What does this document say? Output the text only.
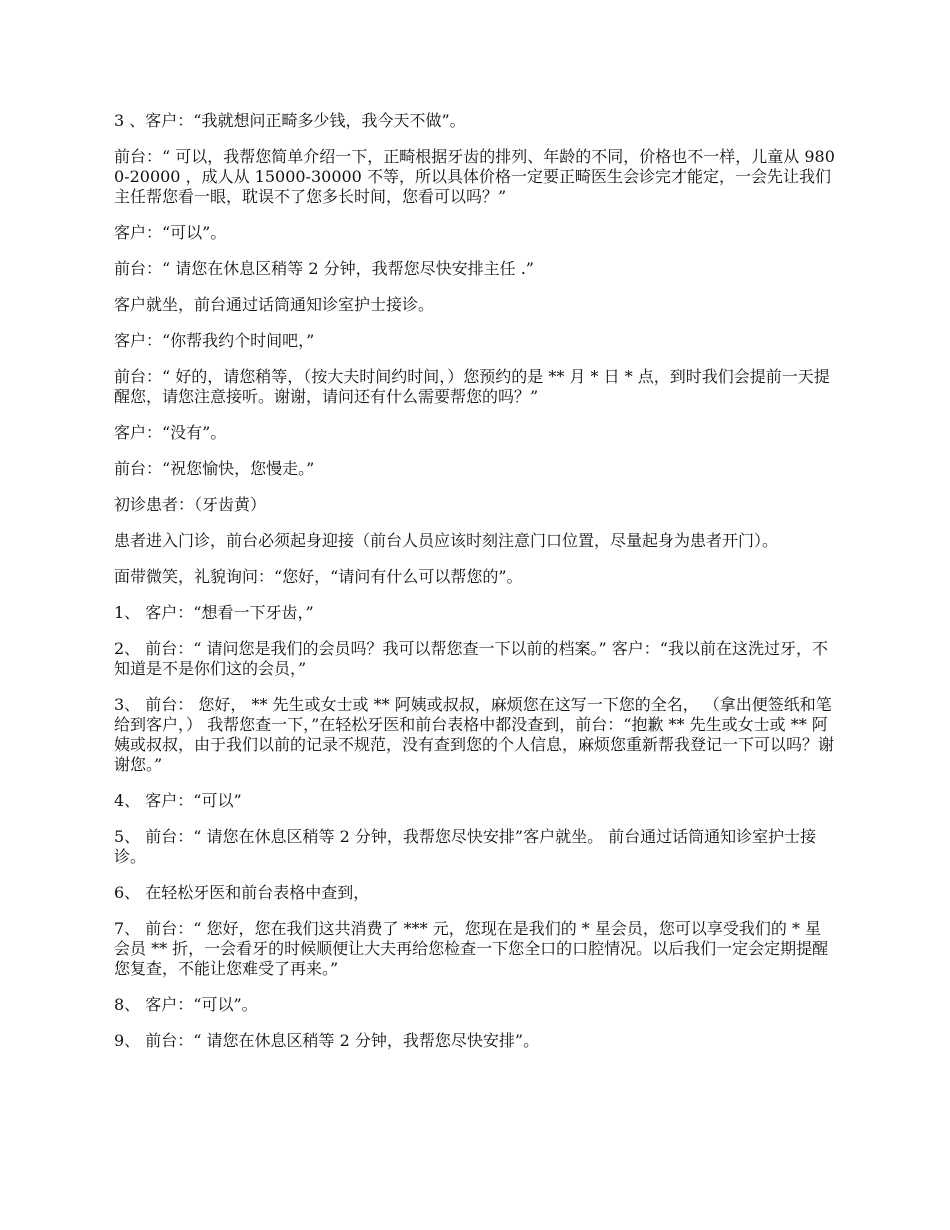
3 、客户：“我就想问正畸多少钱，我今天不做”。

前台：“ 可以，我帮您简单介绍一下，正畸根据牙齿的排列、年龄的不同，价格也不一样，儿童从 9800-20000 ，成人从 15000-30000 不等，所以具体价格一定要正畸医生会诊完才能定，一会先让我们主任帮您看一眼，耽误不了您多长时间，您看可以吗？”

客户：“可以”。

前台：“ 请您在休息区稍等 2 分钟，我帮您尽快安排主任 .”

客户就坐，前台通过话筒通知诊室护士接诊。

客户：“你帮我约个时间吧，”

前台：“ 好的，请您稍等，（按大夫时间约时间，）您预约的是 ** 月 * 日 * 点，到时我们会提前一天提醒您，请您注意接听。谢谢，请问还有什么需要帮您的吗？”

客户：“没有”。

前台：“祝您愉快，您慢走。”

初诊患者：（牙齿黄）

患者进入门诊，前台必须起身迎接（前台人员应该时刻注意门口位置，尽量起身为患者开门）。

面带微笑，礼貌询问：“您好，“请问有什么可以帮您的”。

1、 客户：“想看一下牙齿，”

2、 前台：“ 请问您是我们的会员吗？我可以帮您查一下以前的档案。” 客户：“我以前在这洗过牙，不知道是不是你们这的会员，”

3、 前台： 您好， ** 先生或女士或 ** 阿姨或叔叔，麻烦您在这写一下您的全名， （拿出便签纸和笔给到客户，） 我帮您查一下，”在轻松牙医和前台表格中都没查到，前台：“抱歉 ** 先生或女士或 ** 阿姨或叔叔，由于我们以前的记录不规范，没有查到您的个人信息，麻烦您重新帮我登记一下可以吗？谢谢您。”

4、 客户：“可以”

5、 前台：“ 请您在休息区稍等 2 分钟，我帮您尽快安排”客户就坐。 前台通过话筒通知诊室护士接诊。

6、 在轻松牙医和前台表格中查到，

7、 前台：“ 您好，您在我们这共消费了 *** 元，您现在是我们的 * 星会员，您可以享受我们的 * 星会员 ** 折，一会看牙的时候顺便让大夫再给您检查一下您全口的口腔情况。以后我们一定会定期提醒您复查，不能让您难受了再来。”

8、 客户：“可以”。

9、 前台：“ 请您在休息区稍等 2 分钟，我帮您尽快安排”。
